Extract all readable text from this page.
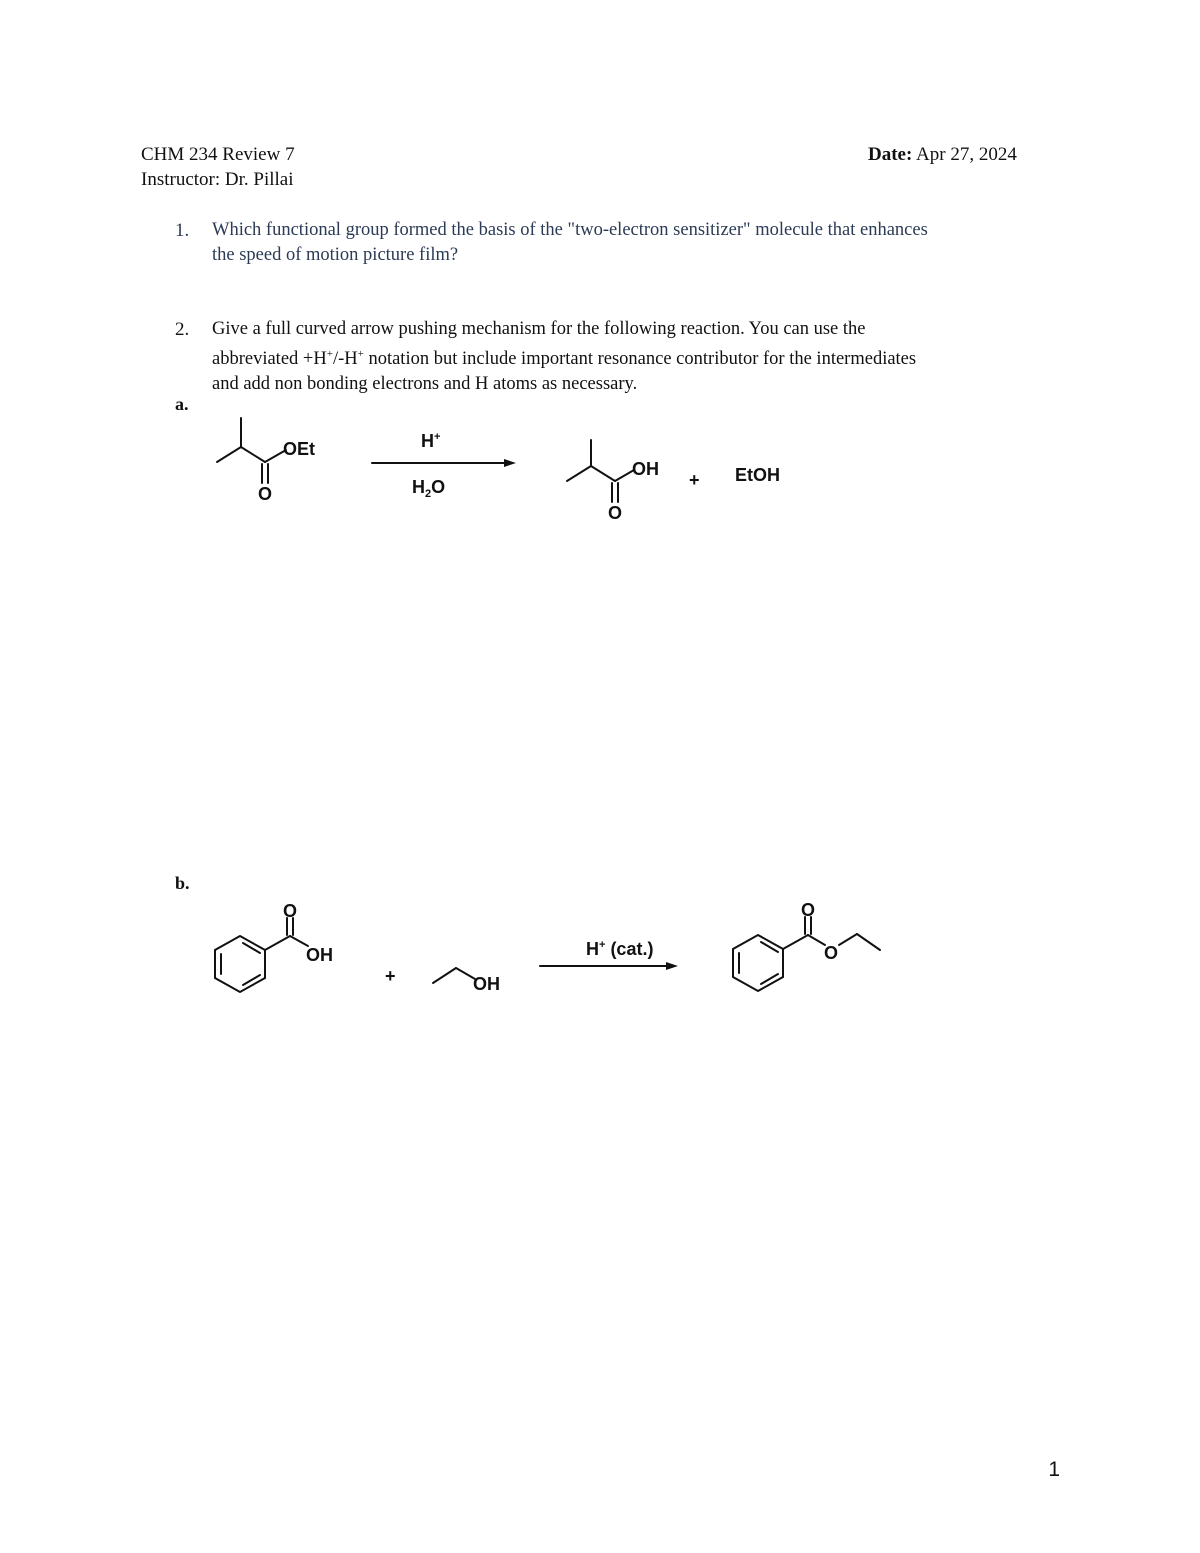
CHM 234 Review 7
Instructor: Dr. Pillai
Date: Apr 27, 2024
1. Which functional group formed the basis of the "two-electron sensitizer" molecule that enhances
the speed of motion picture film?
2. Give a full curved arrow pushing mechanism for the following reaction. You can use the
abbreviated +H+/-H+ notation but include important resonance contributor for the intermediates
and add non bonding electrons and H atoms as necessary.
a.
b.
OEt
O
H+
$H_2O$
OH
O
+ EtOH
O
OH
+	OH
H+ (cat.)
O
O
1
